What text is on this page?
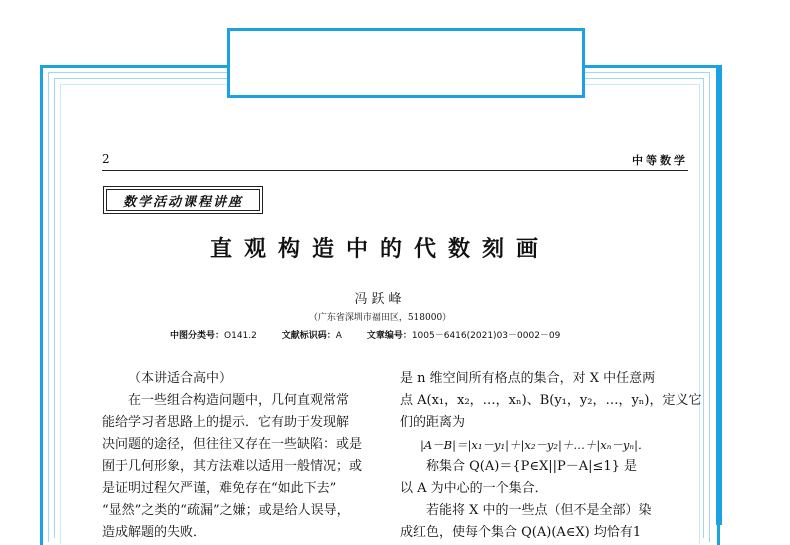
2	中等数学
数学活动课程讲座
直观构造中的代数刻画
冯跃峰
（广东省深圳市福田区，518000）
中图分类号：O141.2	文献标识码：A	文章编号：1005－6416(2021)03－0002－09

（本讲适合高中）

在一些组合构造问题中，几何直观常常

能给学习者思路上的提示．它有助于发现解

决问题的途径，但往往又存在一些缺陷：或是

囿于几何形象，其方法难以适用一般情况；或

是证明过程欠严谨，难免存在“如此下去”

“显然”之类的“疏漏”之嫌；或是给人误导，

造成解题的失败．

是 n 维空间所有格点的集合，对 X 中任意两

点 A(x₁，x₂，…，xₙ)、B(y₁，y₂，…，yₙ)，定义它

们的距离为

|A－B|＝|x₁－y₁|＋|x₂－y₂|＋…＋|xₙ－yₙ|．

称集合 Q(A)＝{P∈X||P－A|≤1} 是

以 A 为中心的一个集合．

若能将 X 中的一些点（但不是全部）染

成红色，使每个集合 Q(A)(A∈X) 均恰有1
